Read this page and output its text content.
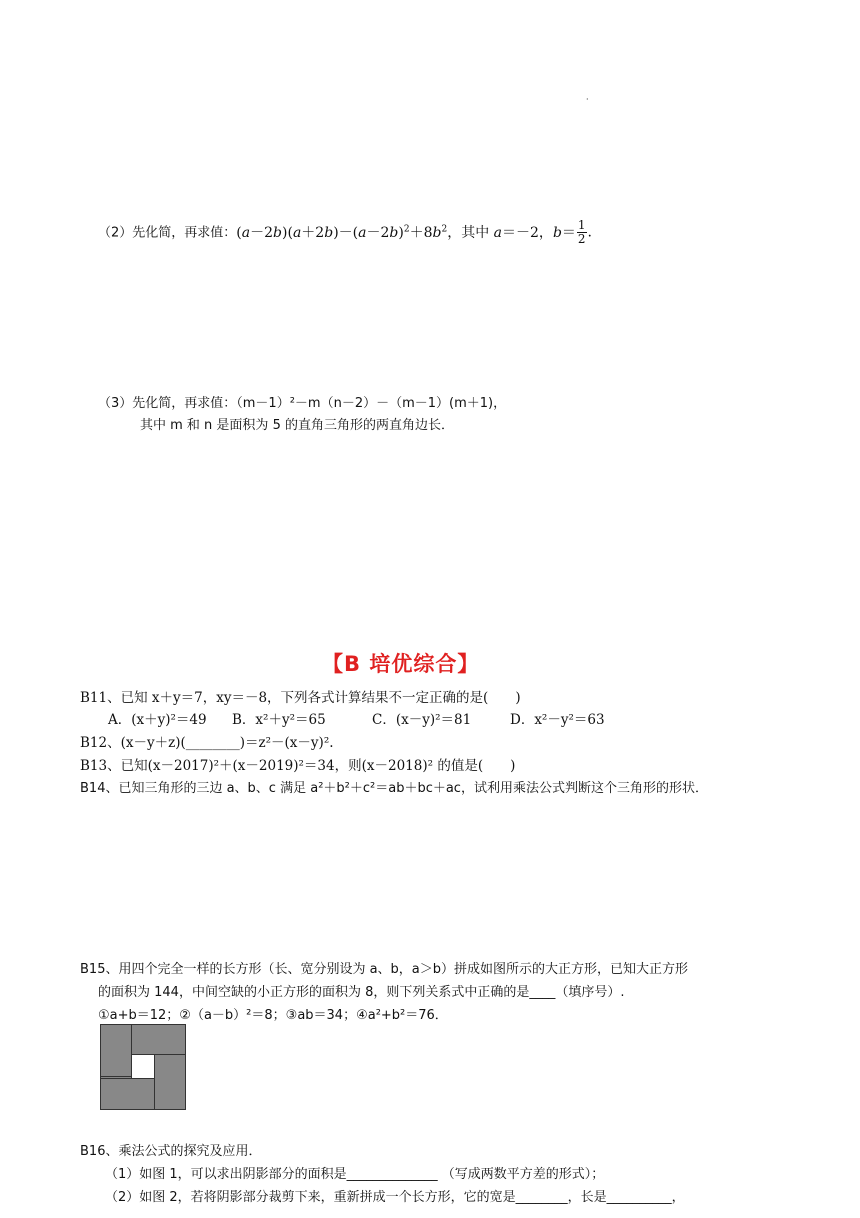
·
（2）先化简，再求值：$(a-2b)(a+2b)-(a-2b)^2+8b^2$，其中 a＝－2，$b= \frac{1}{2}$ .
（3）先化简，再求值：（m－1）²－m（n－2）－（m－1）(m＋1)，
其中 m 和 n 是面积为 5 的直角三角形的两直角边长．
【B 培优综合】
B11、已知 x＋y＝7，xy＝－8，下列各式计算结果不一定正确的是(　　)
A．(x＋y)²＝49 B．x²＋y²＝65	C．(x－y)²＝81	D．x²－y²＝63
B12、(x－y＋z)(________)＝z²－(x－y)².
B13、已知(x－2017)²＋(x－2019)²＝34，则(x－2018)² 的值是(　　)
B14、已知三角形的三边 a、b、c 满足 a²＋b²＋c²＝ab＋bc＋ac，试利用乘法公式判断这个三角形的形状．
B15、用四个完全一样的长方形（长、宽分别设为 a、b，a＞b）拼成如图所示的大正方形，已知大正方形
的面积为 144，中间空缺的小正方形的面积为 8，则下列关系式中正确的是____（填序号）.
①a+b＝12；②（a－b）²＝8；③ab＝34；④a²+b²＝76．
B16、乘法公式的探究及应用．
（1）如图 1，可以求出阴影部分的面积是______________ （写成两数平方差的形式）；
（2）如图 2，若将阴影部分裁剪下来，重新拼成一个长方形，它的宽是________，长是__________，
